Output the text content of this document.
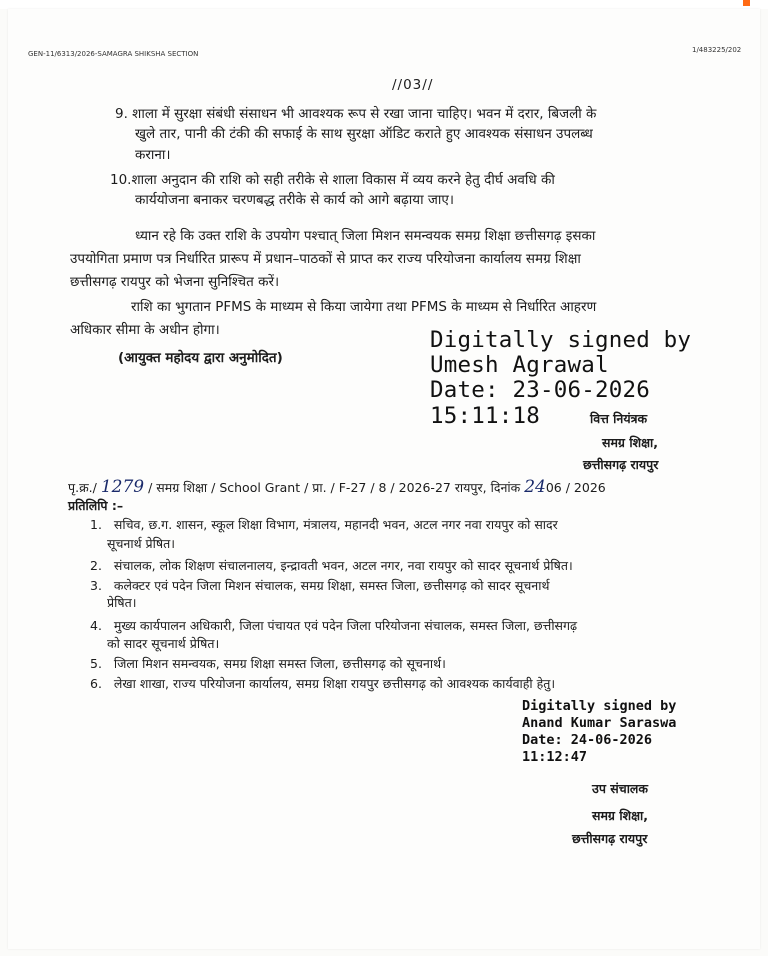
GEN-11/6313/2026-SAMAGRA SHIKSHA SECTION	1/483225/202
//03//
9. शाला में सुरक्षा संबंधी संसाधन भी आवश्यक रूप से रखा जाना चाहिए। भवन में दरार, बिजली के
खुले तार, पानी की टंकी की सफाई के साथ सुरक्षा ऑडिट कराते हुए आवश्यक संसाधन उपलब्ध
कराना।
10.शाला अनुदान की राशि को सही तरीके से शाला विकास में व्यय करने हेतु दीर्घ अवधि की
कार्ययोजना बनाकर चरणबद्ध तरीके से कार्य को आगे बढ़ाया जाए।
ध्यान रहे कि उक्त राशि के उपयोग पश्चात् जिला मिशन समन्वयक समग्र शिक्षा छत्तीसगढ़ इसका
उपयोगिता प्रमाण पत्र निर्धारित प्रारूप में प्रधान–पाठकों से प्राप्त कर राज्य परियोजना कार्यालय समग्र शिक्षा
छत्तीसगढ़ रायपुर को भेजना सुनिश्चित करें।
राशि का भुगतान PFMS के माध्यम से किया जायेगा तथा PFMS के माध्यम से निर्धारित आहरण
अधिकार सीमा के अधीन होगा।
(आयुक्त महोदय द्वारा अनुमोदित)
Digitally signed by
Umesh Agrawal
Date: 23-06-2026
15:11:18	वित्त नियंत्रक
समग्र शिक्षा,
छत्तीसगढ़ रायपुर
पृ.क्र./ 1279 / समग्र शिक्षा / School Grant / प्रा. / F-27 / 8 / 2026-27 रायपुर, दिनांक 2406 / 2026
प्रतिलिपि :–
1. सचिव, छ.ग. शासन, स्कूल शिक्षा विभाग, मंत्रालय, महानदी भवन, अटल नगर नवा रायपुर को सादर
सूचनार्थ प्रेषित।
2. संचालक, लोक शिक्षण संचालनालय, इन्द्रावती भवन, अटल नगर, नवा रायपुर को सादर सूचनार्थ प्रेषित।
3. कलेक्टर एवं पदेन जिला मिशन संचालक, समग्र शिक्षा, समस्त जिला, छत्तीसगढ़ को सादर सूचनार्थ
प्रेषित।
4. मुख्य कार्यपालन अधिकारी, जिला पंचायत एवं पदेन जिला परियोजना संचालक, समस्त जिला, छत्तीसगढ़
को सादर सूचनार्थ प्रेषित।
5. जिला मिशन समन्वयक, समग्र शिक्षा समस्त जिला, छत्तीसगढ़ को सूचनार्थ।
6. लेखा शाखा, राज्य परियोजना कार्यालय, समग्र शिक्षा रायपुर छत्तीसगढ़ को आवश्यक कार्यवाही हेतु।
Digitally signed by
Anand Kumar Saraswa
Date: 24-06-2026
11:12:47
उप संचालक
समग्र शिक्षा,
छत्तीसगढ़ रायपुर
